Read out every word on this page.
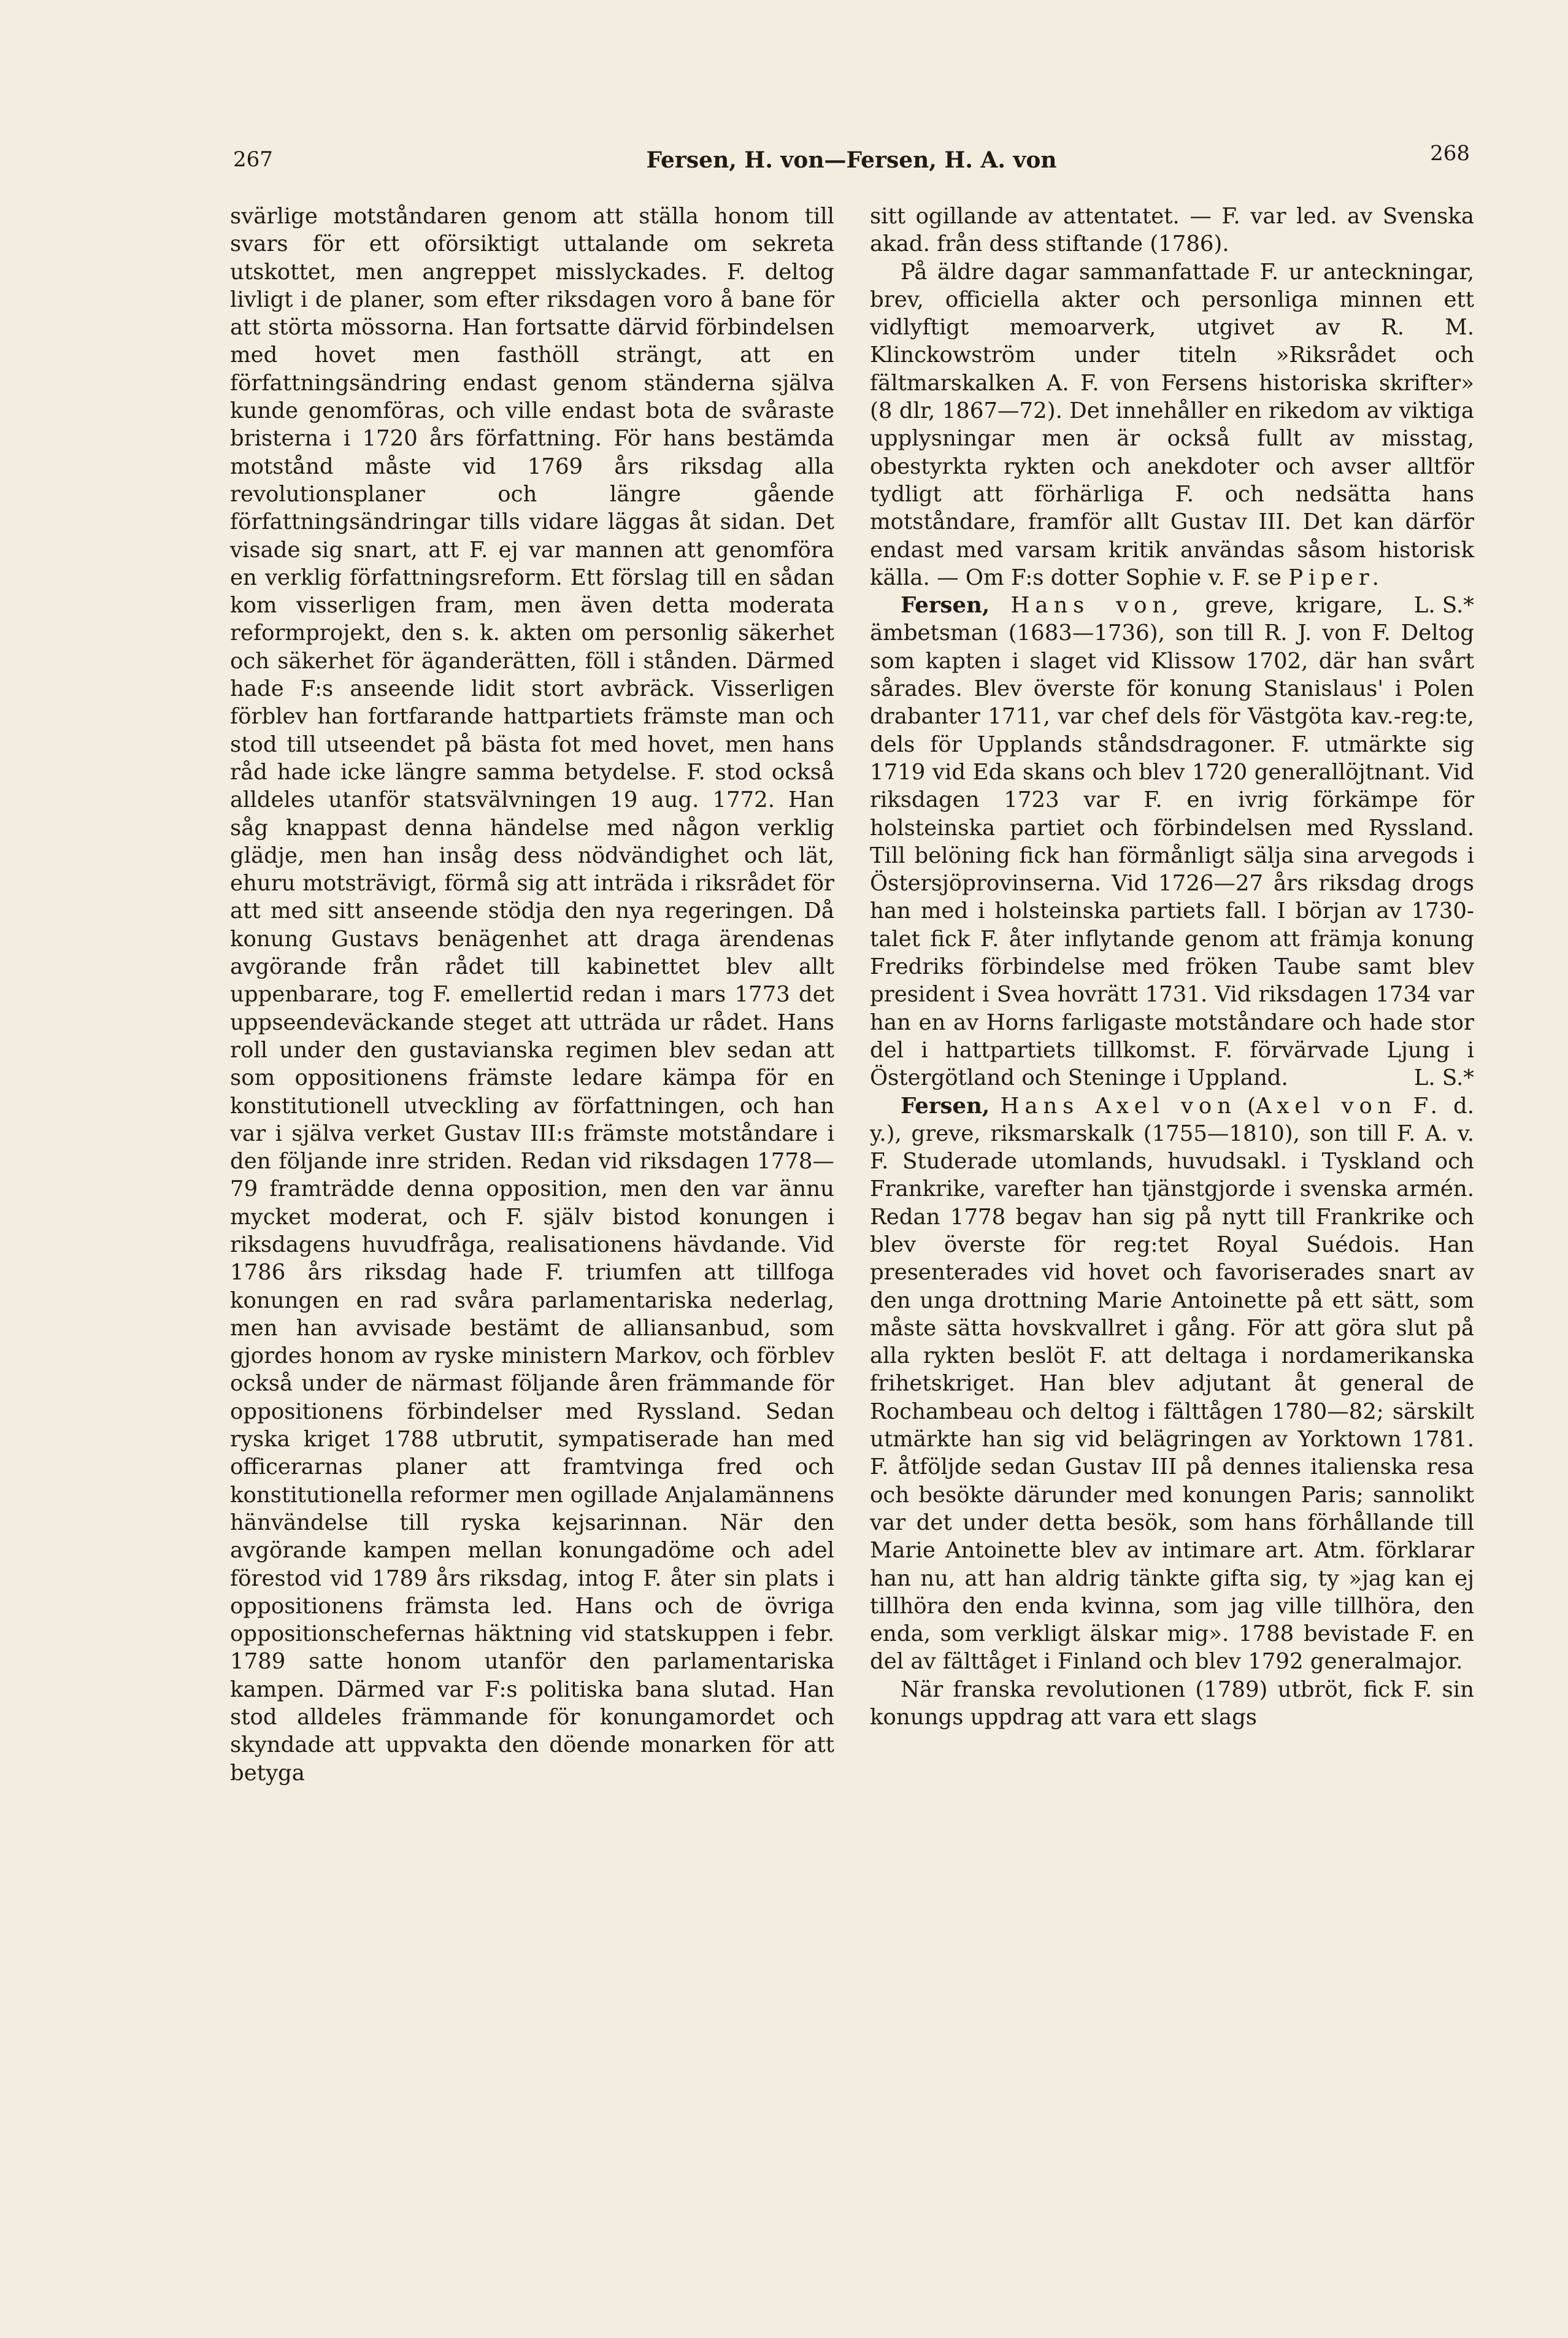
267	Fersen, H. von—Fersen, H. A. von	268

svärlige motståndaren genom att ställa honom till svars för ett oförsiktigt uttalande om sekreta utskottet, men angreppet misslyckades. F. deltog livligt i de planer, som efter riksdagen voro å bane för att störta mössorna. Han fortsatte därvid förbindelsen med hovet men fasthöll strängt, att en författningsändring endast genom ständerna själva kunde genomföras, och ville endast bota de svåraste bristerna i 1720 års författning. För hans bestämda motstånd måste vid 1769 års riksdag alla revolutionsplaner och längre gående författningsändringar tills vidare läggas åt sidan. Det visade sig snart, att F. ej var mannen att genomföra en verklig författningsreform. Ett förslag till en sådan kom visserligen fram, men även detta moderata reformprojekt, den s. k. akten om personlig säkerhet och säkerhet för äganderätten, föll i stånden. Därmed hade F:s anseende lidit stort avbräck. Visserligen förblev han fortfarande hattpartiets främste man och stod till utseendet på bästa fot med hovet, men hans råd hade icke längre samma betydelse. F. stod också alldeles utanför statsvälvningen 19 aug. 1772. Han såg knappast denna händelse med någon verklig glädje, men han insåg dess nödvändighet och lät, ehuru motsträvigt, förmå sig att inträda i riksrådet för att med sitt anseende stödja den nya regeringen. Då konung Gustavs benägenhet att draga ärendenas avgörande från rådet till kabinettet blev allt uppenbarare, tog F. emellertid redan i mars 1773 det uppseendeväckande steget att utträda ur rådet. Hans roll under den gustavianska regimen blev sedan att som oppositionens främste ledare kämpa för en konstitutionell utveckling av författningen, och han var i själva verket Gustav III:s främste motståndare i den följande inre striden. Redan vid riksdagen 1778—79 framträdde denna opposition, men den var ännu mycket moderat, och F. själv bistod konungen i riksdagens huvudfråga, realisationens hävdande. Vid 1786 års riksdag hade F. triumfen att tillfoga konungen en rad svåra parlamentariska nederlag, men han avvisade bestämt de alliansanbud, som gjordes honom av ryske ministern Markov, och förblev också under de närmast följande åren främmande för oppositionens förbindelser med Ryssland. Sedan ryska kriget 1788 utbrutit, sympatiserade han med officerarnas planer att framtvinga fred och konstitutionella reformer men ogillade Anjalamännens hänvändelse till ryska kejsarinnan. När den avgörande kampen mellan konungadöme och adel förestod vid 1789 års riksdag, intog F. åter sin plats i oppositionens främsta led. Hans och de övriga oppositionschefernas häktning vid statskuppen i febr. 1789 satte honom utanför den parlamentariska kampen. Därmed var F:s politiska bana slutad. Han stod alldeles främmande för konungamordet och skyndade att uppvakta den döende monarken för att betyga

sitt ogillande av attentatet. — F. var led. av Svenska akad. från dess stiftande (1786).

På äldre dagar sammanfattade F. ur anteckningar, brev, officiella akter och personliga minnen ett vidlyftigt memoarverk, utgivet av R. M. Klinckowström under titeln »Riksrådet och fältmarskalken A. F. von Fersens historiska skrifter» (8 dlr, 1867—72). Det innehåller en rikedom av viktiga upplysningar men är också fullt av misstag, obestyrkta rykten och anekdoter och avser alltför tydligt att förhärliga F. och nedsätta hans motståndare, framför allt Gustav III. Det kan därför endast med varsam kritik användas såsom historisk källa. — Om F:s dotter Sophie v. F. se Piper.
L. S.*

Fersen, Hans von, greve, krigare, ämbetsman (1683—1736), son till R. J. von F. Deltog som kapten i slaget vid Klissow 1702, där han svårt sårades. Blev överste för konung Stanislaus' i Polen drabanter 1711, var chef dels för Västgöta kav.-reg:te, dels för Upplands ståndsdragoner. F. utmärkte sig 1719 vid Eda skans och blev 1720 generallöjtnant. Vid riksdagen 1723 var F. en ivrig förkämpe för holsteinska partiet och förbindelsen med Ryssland. Till belöning fick han förmånligt sälja sina arvegods i Östersjöprovinserna. Vid 1726—27 års riksdag drogs han med i holsteinska partiets fall. I början av 1730-talet fick F. åter inflytande genom att främja konung Fredriks förbindelse med fröken Taube samt blev president i Svea hovrätt 1731. Vid riksdagen 1734 var han en av Horns farligaste motståndare och hade stor del i hattpartiets tillkomst. F. förvärvade Ljung i Östergötland och Steninge i Uppland.	L. S.*

Fersen, Hans Axel von (Axel von F. d. y.), greve, riksmarskalk (1755—1810), son till F. A. v. F. Studerade utomlands, huvudsakl. i Tyskland och Frankrike, varefter han tjänstgjorde i svenska armén. Redan 1778 begav han sig på nytt till Frankrike och blev överste för reg:tet Royal Suédois. Han presenterades vid hovet och favoriserades snart av den unga drottning Marie Antoinette på ett sätt, som måste sätta hovskvallret i gång. För att göra slut på alla rykten beslöt F. att deltaga i nordamerikanska frihetskriget. Han blev adjutant åt general de Rochambeau och deltog i fälttågen 1780—82; särskilt utmärkte han sig vid belägringen av Yorktown 1781. F. åtföljde sedan Gustav III på dennes italienska resa och besökte därunder med konungen Paris; sannolikt var det under detta besök, som hans förhållande till Marie Antoinette blev av intimare art. Atm. förklarar han nu, att han aldrig tänkte gifta sig, ty »jag kan ej tillhöra den enda kvinna, som jag ville tillhöra, den enda, som verkligt älskar mig». 1788 bevistade F. en del av fälttåget i Finland och blev 1792 generalmajor.

När franska revolutionen (1789) utbröt, fick F. sin konungs uppdrag att vara ett slags
